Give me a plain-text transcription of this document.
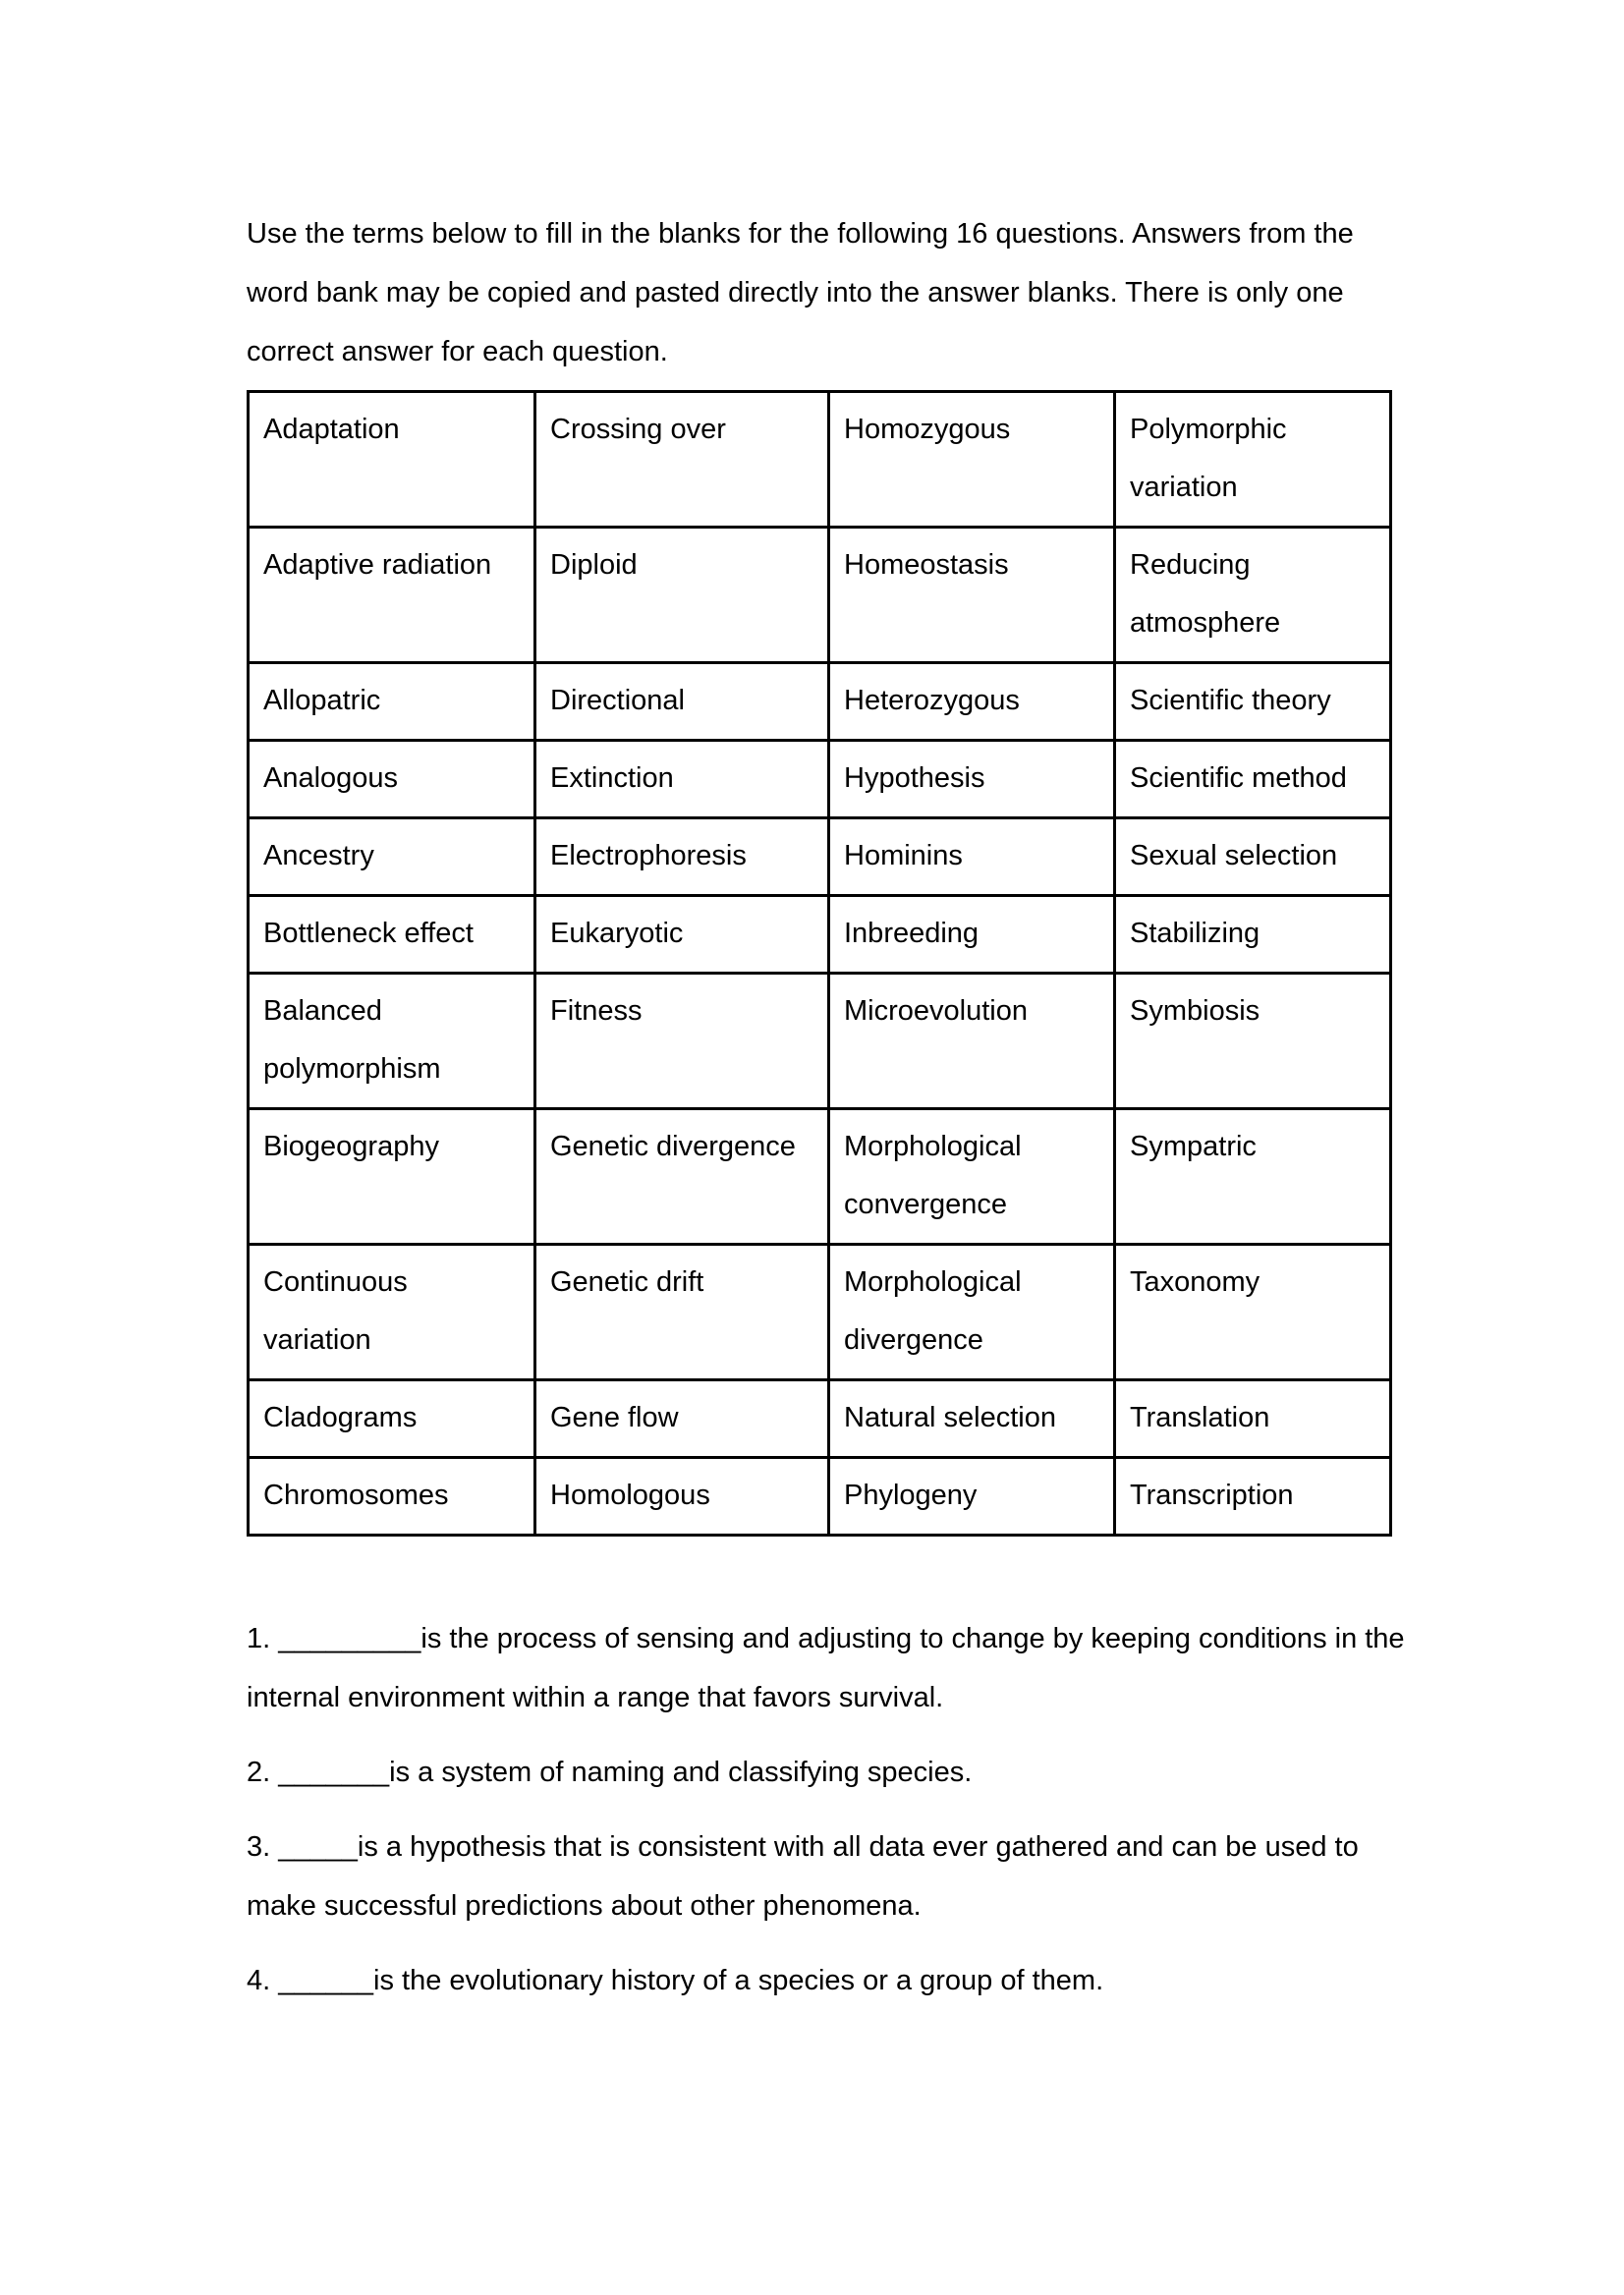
Use the terms below to fill in the blanks for the following 16 questions. Answers from the word bank may be copied and pasted directly into the answer blanks. There is only one correct answer for each question.

Adaptation	Crossing over	Homozygous	Polymorphic variation
Adaptive radiation	Diploid	Homeostasis	Reducing atmosphere
Allopatric	Directional	Heterozygous	Scientific theory
Analogous	Extinction	Hypothesis	Scientific method
Ancestry	Electrophoresis	Hominins	Sexual selection
Bottleneck effect	Eukaryotic	Inbreeding	Stabilizing
Balanced polymorphism	Fitness	Microevolution	Symbiosis
Biogeography	Genetic divergence	Morphological convergence	Sympatric
Continuous variation	Genetic drift	Morphological divergence	Taxonomy
Cladograms	Gene flow	Natural selection	Translation
Chromosomes	Homologous	Phylogeny	Transcription
1. _________is the process of sensing and adjusting to change by keeping conditions in the internal environment within a range that favors survival.
2. _______is a system of naming and classifying species.
3. _____is a hypothesis that is consistent with all data ever gathered and can be used to make successful predictions about other phenomena.
4. ______is the evolutionary history of a species or a group of them.
